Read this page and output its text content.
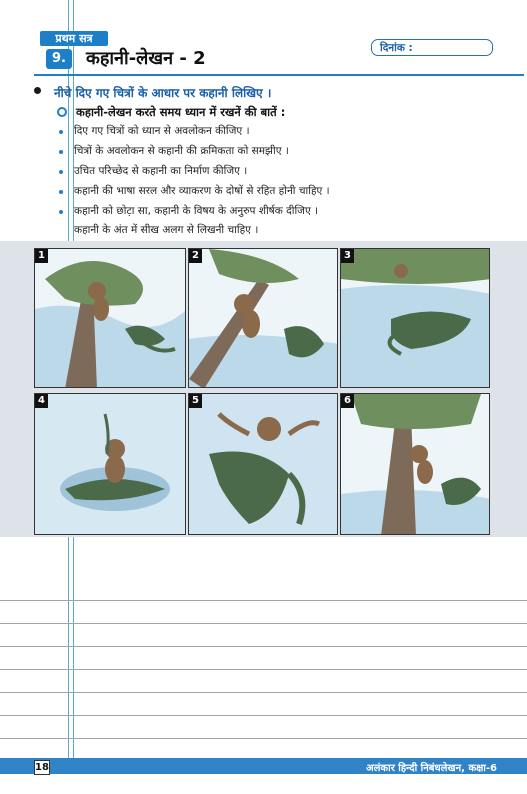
प्रथम सत्र
9.	कहानी-लेखन - 2	दिनांक :
नीचे दिए गए चित्रों के आधार पर कहानी लिखिए ।
कहानी-लेखन करते समय ध्यान में रखनें की बातें :
दिए गए चित्रों को ध्यान से अवलोकन कीजिए ।
चित्रों के अवलोकन से कहानी की क्रमिकता को समझीए ।
उचित परिच्छेद से कहानी का निर्माण कीजिए ।
कहानी की भाषा सरल और व्याकरण के दोषों से रहित होनी चाहिए ।
कहानी को छोट़ा सा, कहानी के विषय के अनुरुप शीर्षक दीजिए ।
कहानी के अंत में सीख अलग से लिखनी चाहिए ।
1	2	3
4	5	6
18	अलंकार हिन्दी निबंधलेखन, कक्षा-6
